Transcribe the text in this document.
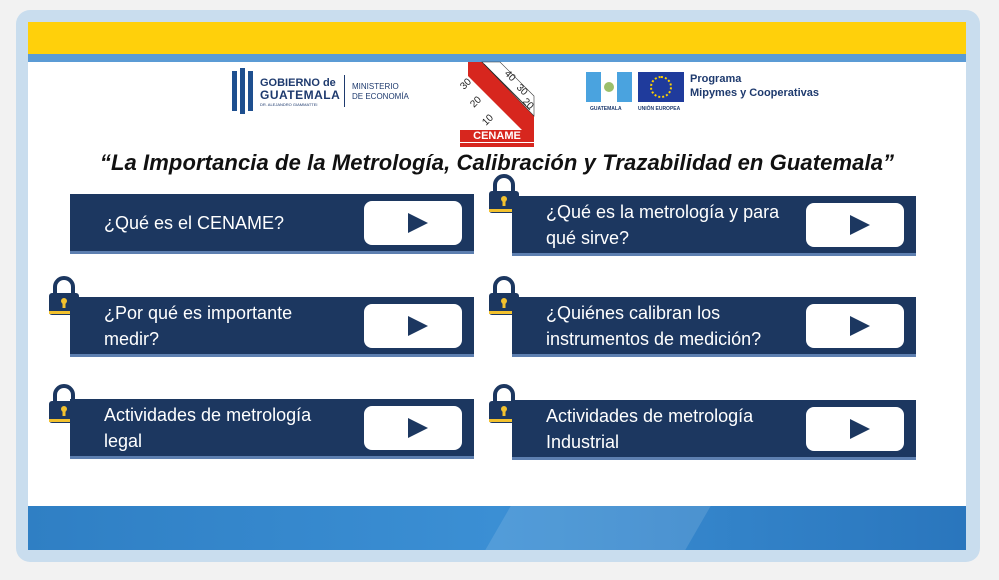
GOBIERNO de
GUATEMALA
DR. ALEJANDRO GIAMMATTEI
MINISTERIO
DE ECONOMÍA
40
30
30
20
20
10
CENAME
GUATEMALA	UNIÓN EUROPEA
Programa
Mipymes y Cooperativas
“La Importancia de la Metrología, Calibración y Trazabilidad en Guatemala”
¿Qué es el CENAME?
¿Qué es la metrología y para qué sirve?
¿Por qué es importante medir?
¿Quiénes calibran los instrumentos de medición?
Actividades de metrología legal
Actividades de metrología Industrial
